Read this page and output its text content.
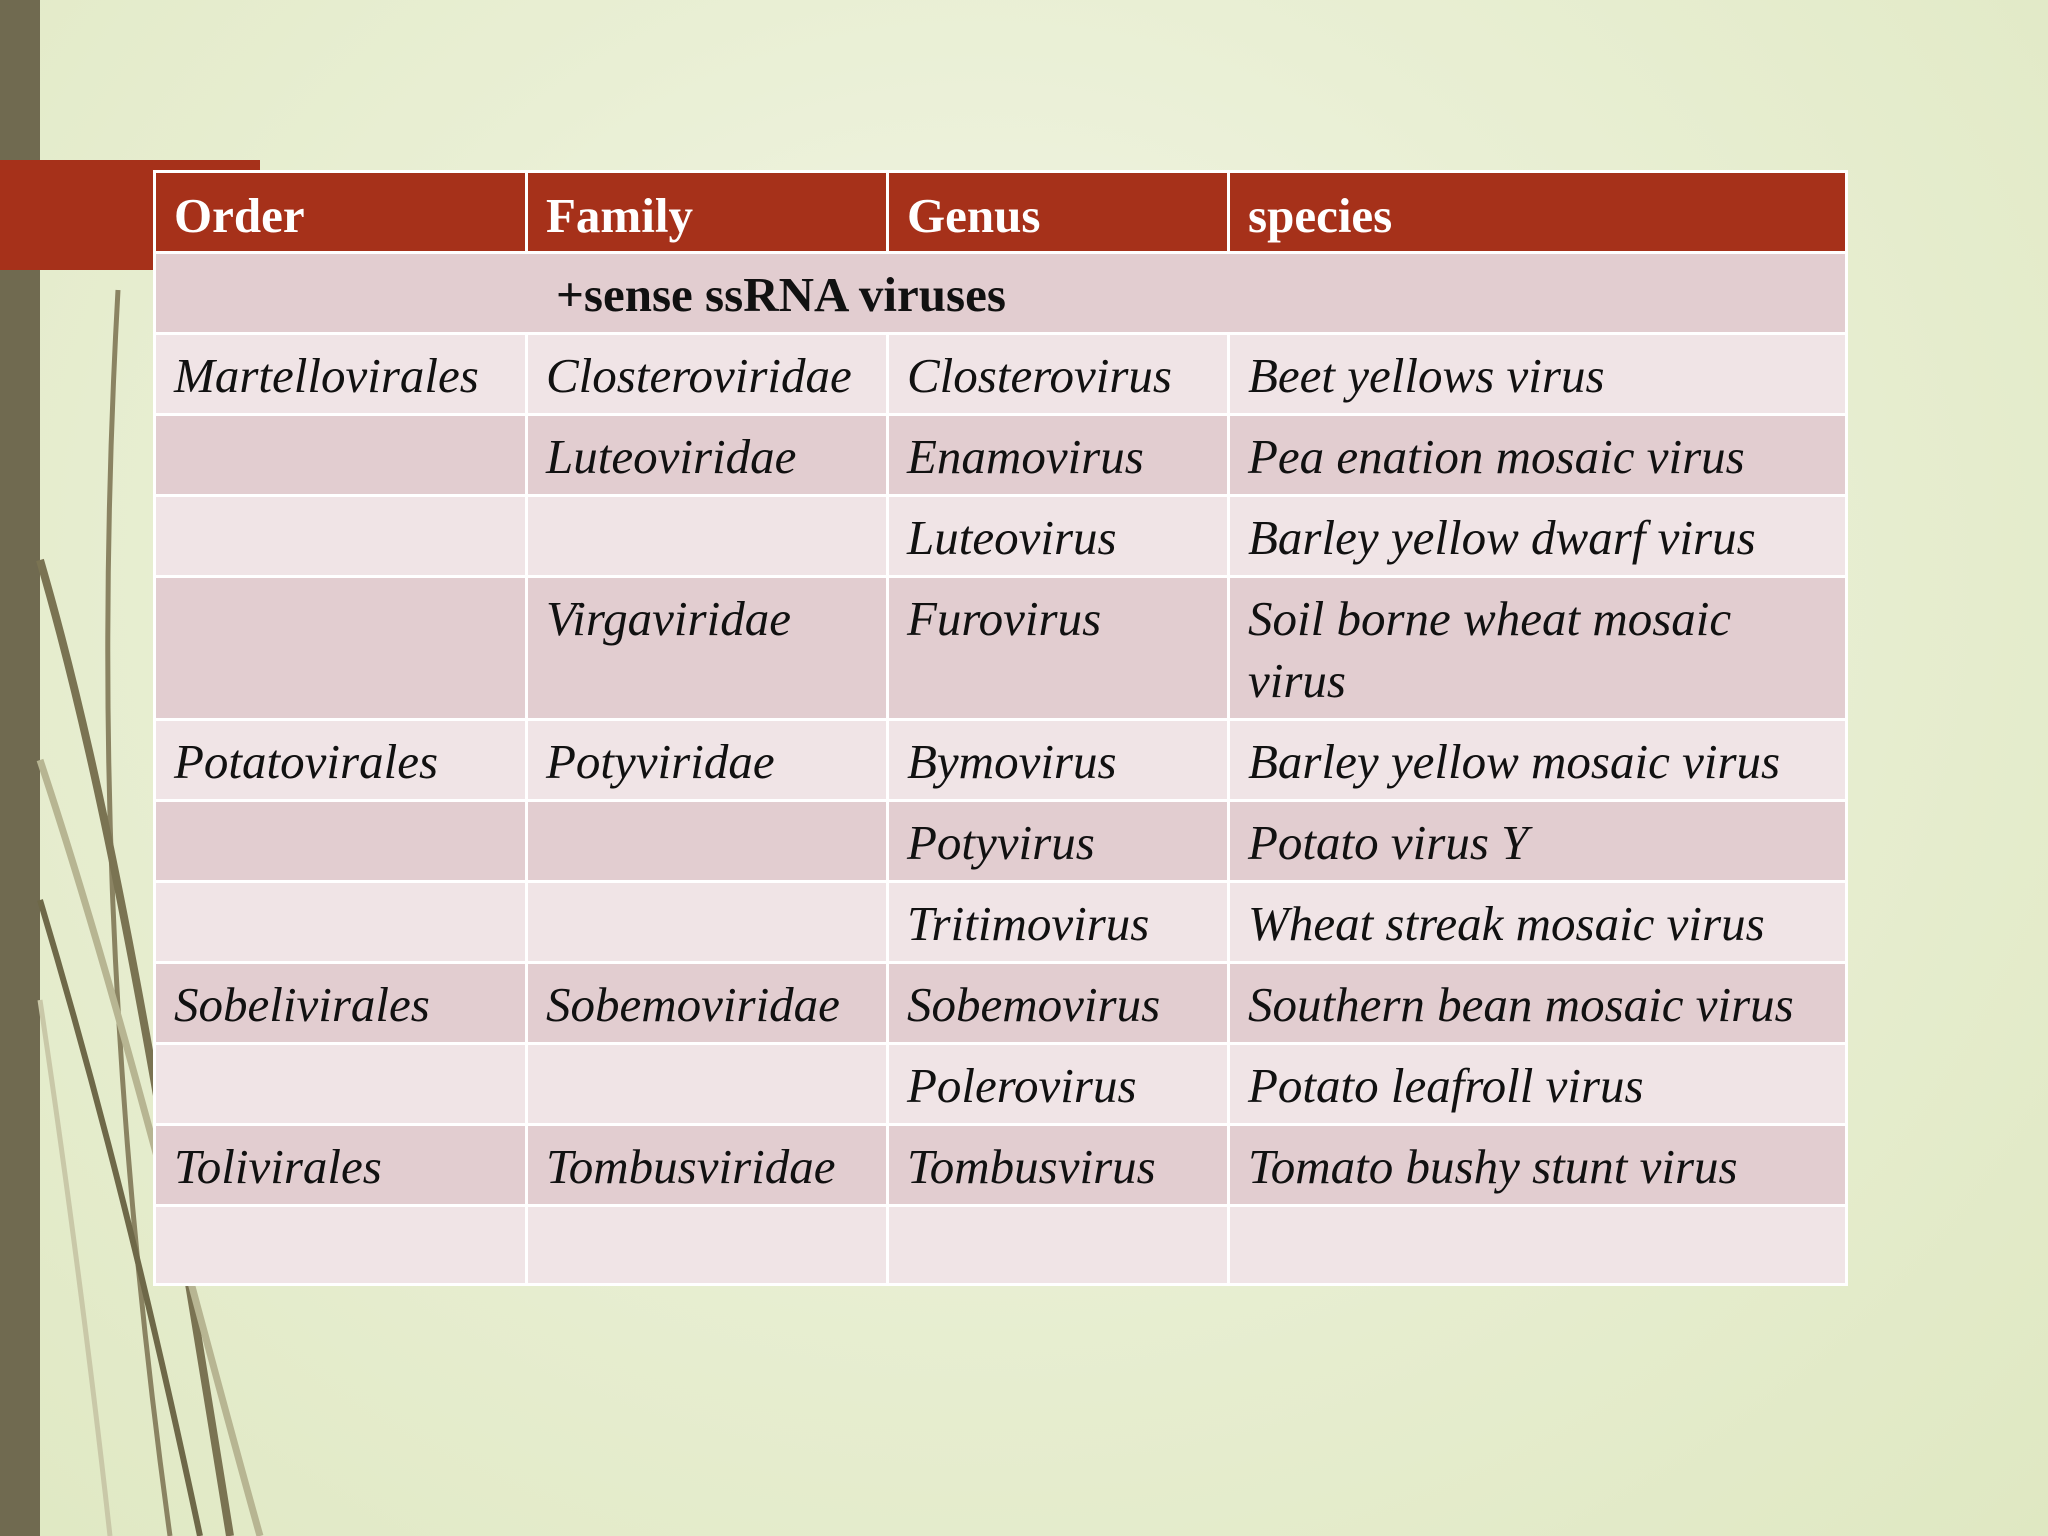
Order	Family	Genus	species
+sense ssRNA viruses			
Martellovirales	Closteroviridae	Closterovirus	Beet yellows virus
	Luteoviridae	Enamovirus	Pea enation mosaic virus
		Luteovirus	Barley yellow dwarf virus
	Virgaviridae	Furovirus	Soil borne wheat mosaic virus
Potatovirales	Potyviridae	Bymovirus	Barley yellow mosaic virus
		Potyvirus	Potato virus Y
		Tritimovirus	Wheat streak mosaic virus
Sobelivirales	Sobemoviridae	Sobemovirus	Southern bean mosaic virus
		Polerovirus	Potato leafroll virus
Tolivirales	Tombusviridae	Tombusvirus	Tomato bushy stunt virus
